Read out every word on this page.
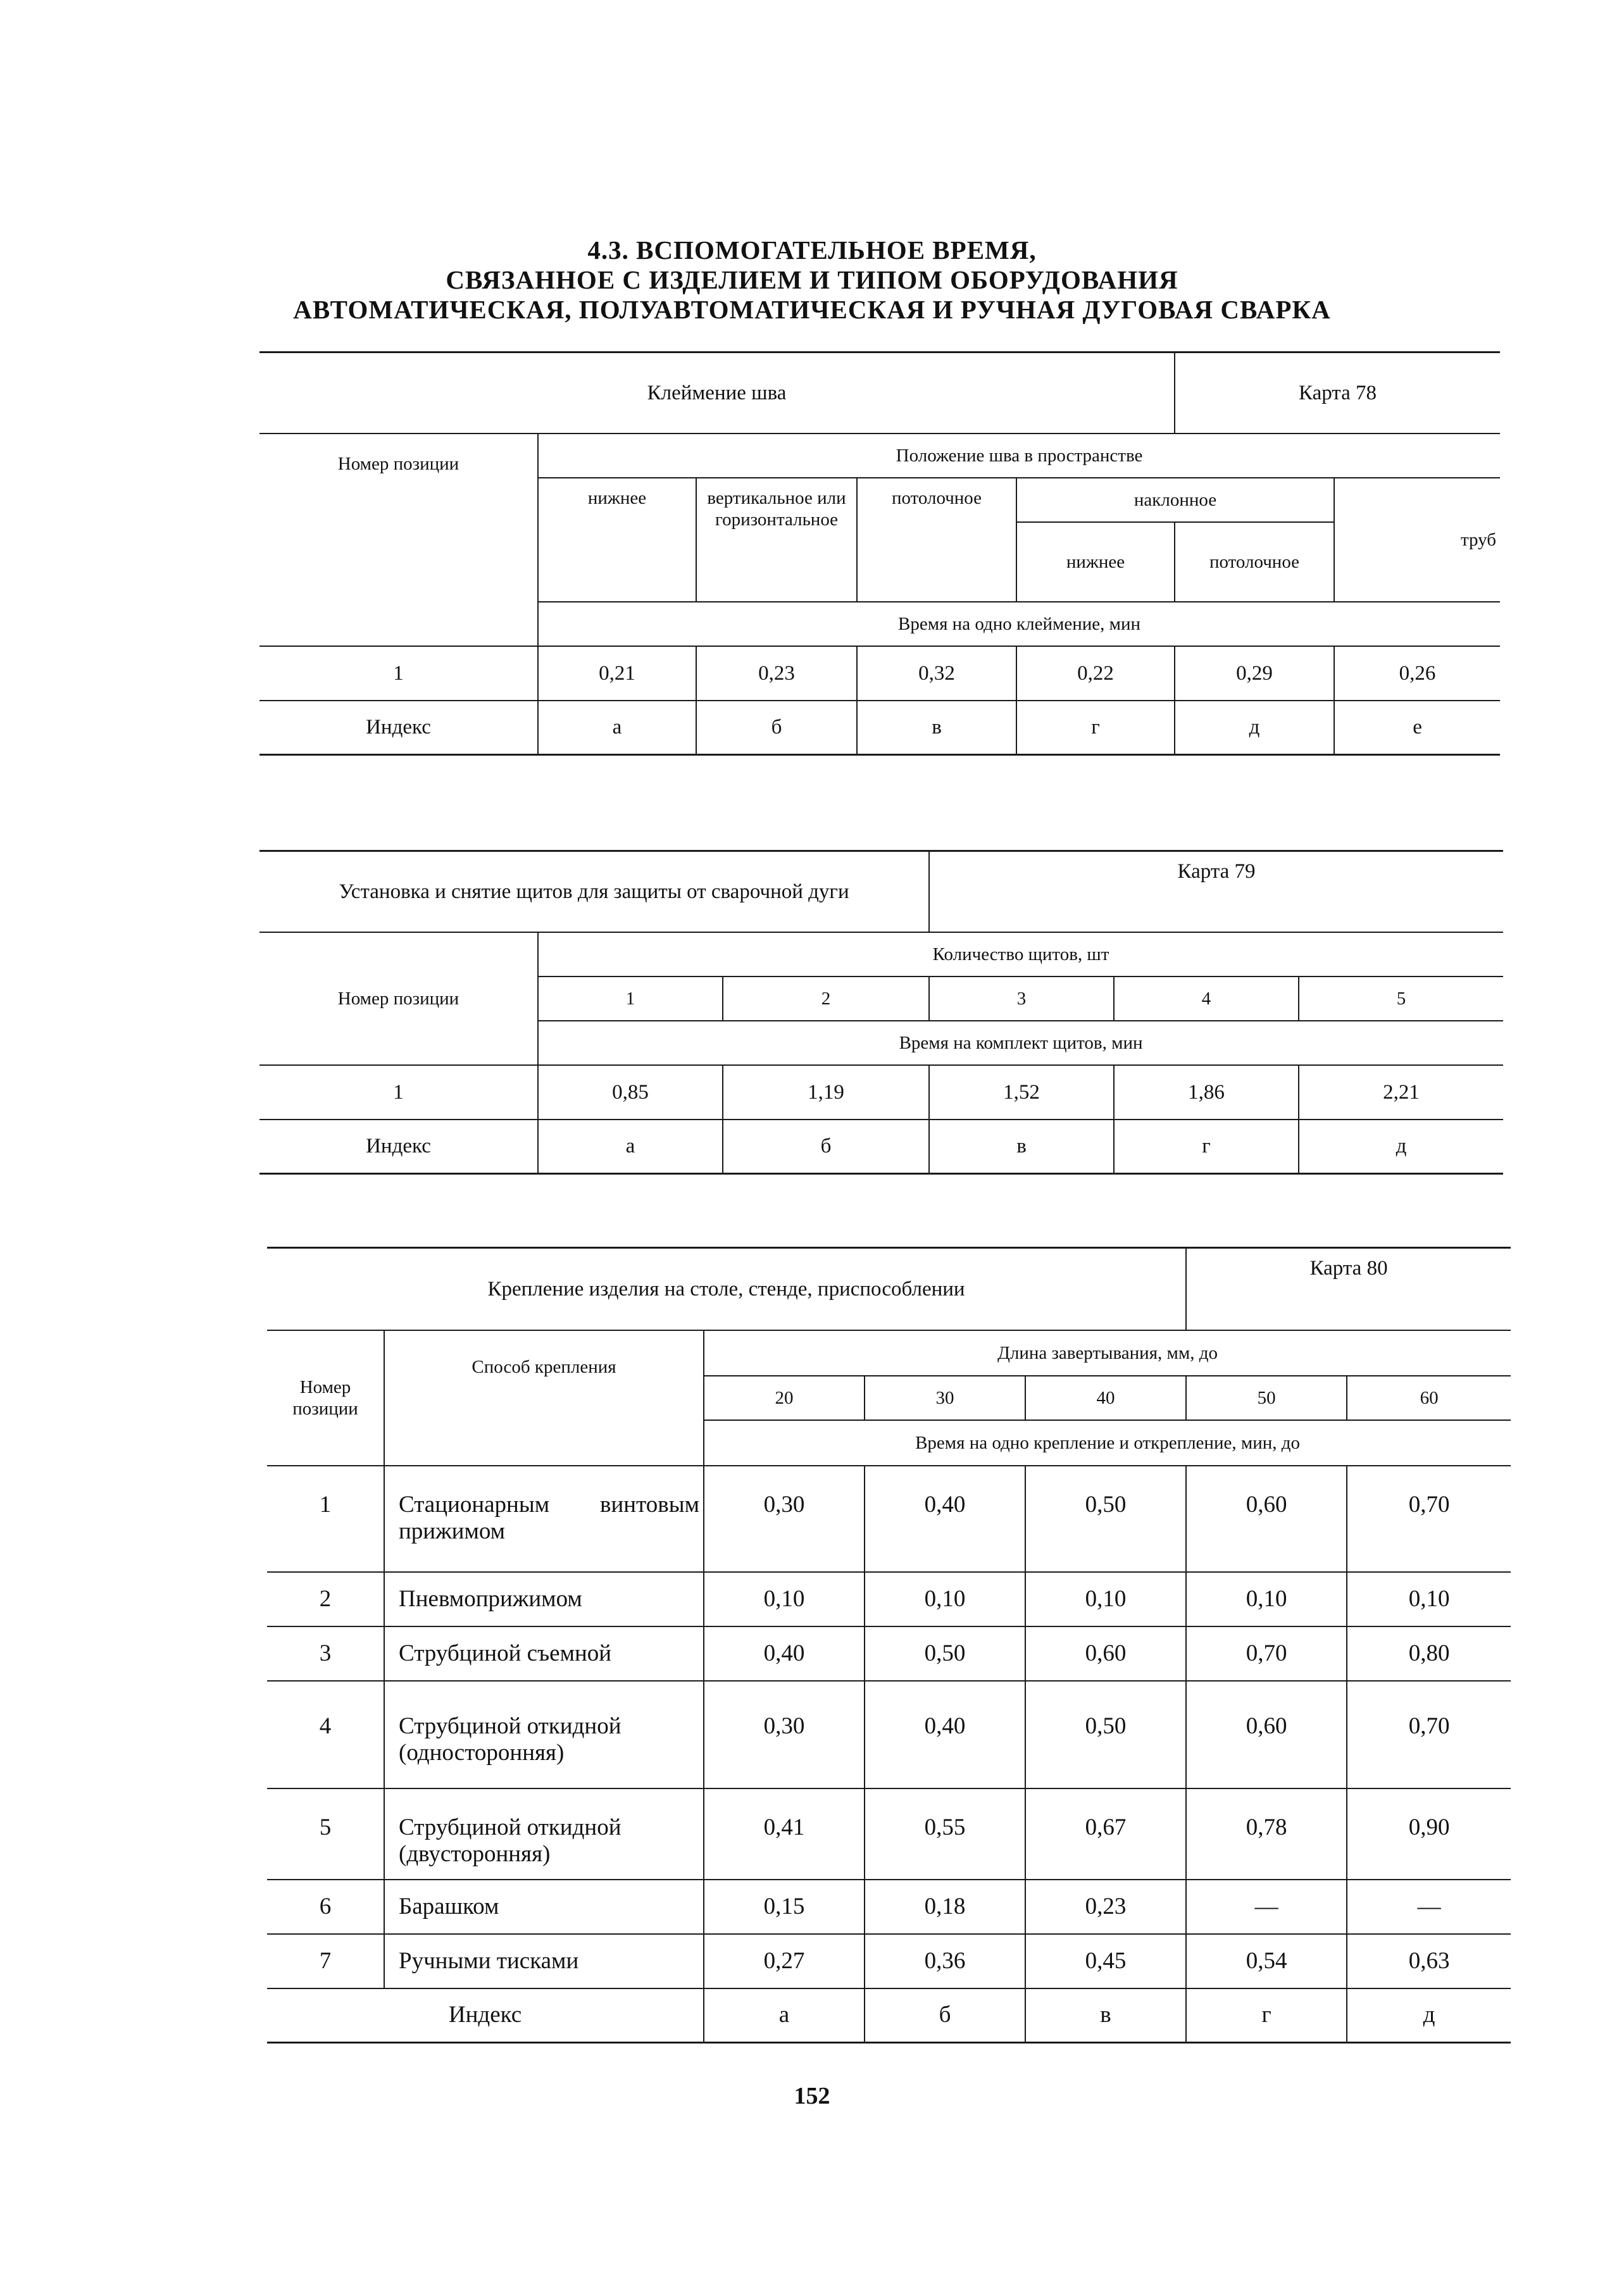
4.3. ВСПОМОГАТЕЛЬНОЕ ВРЕМЯ,
СВЯЗАННОЕ С ИЗДЕЛИЕМ И ТИПОМ ОБОРУДОВАНИЯ
АВТОМАТИЧЕСКАЯ, ПОЛУАВТОМАТИЧЕСКАЯ И РУЧНАЯ ДУГОВАЯ СВАРКА
Клеймение шва					Карта 78	
Номер позиции	Положение шва в пространстве					
	нижнее	вертикальное или горизонтальное	потолочное	наклонное		труб
				нижнее	потолочное	
	Время на одно клеймение, мин					
1	0,21	0,23	0,32	0,22	0,29	0,26
Индекс	а	б	в	г	д	е
Установка и снятие щитов для защиты от сварочной дуги			Карта 79		
Номер позиции	Количество щитов, шт				
	1	2	3	4	5
	Время на комплект щитов, мин				
1	0,85	1,19	1,52	1,86	2,21
Индекс	а	б	в	г	д
Крепление изделия на столе, стенде, приспособлении					Карта 80	
Номер позиции	Способ крепления	Длина завертывания, мм, до				
		20	30	40	50	60
		Время на одно крепление и открепление, мин, до				
1	Стационарным винтовым прижимом	0,30	0,40	0,50	0,60	0,70
2	Пневмоприжимом	0,10	0,10	0,10	0,10	0,10
3	Струбциной съемной	0,40	0,50	0,60	0,70	0,80
4	Струбциной откидной (односторонняя)	0,30	0,40	0,50	0,60	0,70
5	Струбциной откидной (двусторонняя)	0,41	0,55	0,67	0,78	0,90
6	Барашком	0,15	0,18	0,23	—	—
7	Ручными тисками	0,27	0,36	0,45	0,54	0,63
Индекс		а	б	в	г	д
152
